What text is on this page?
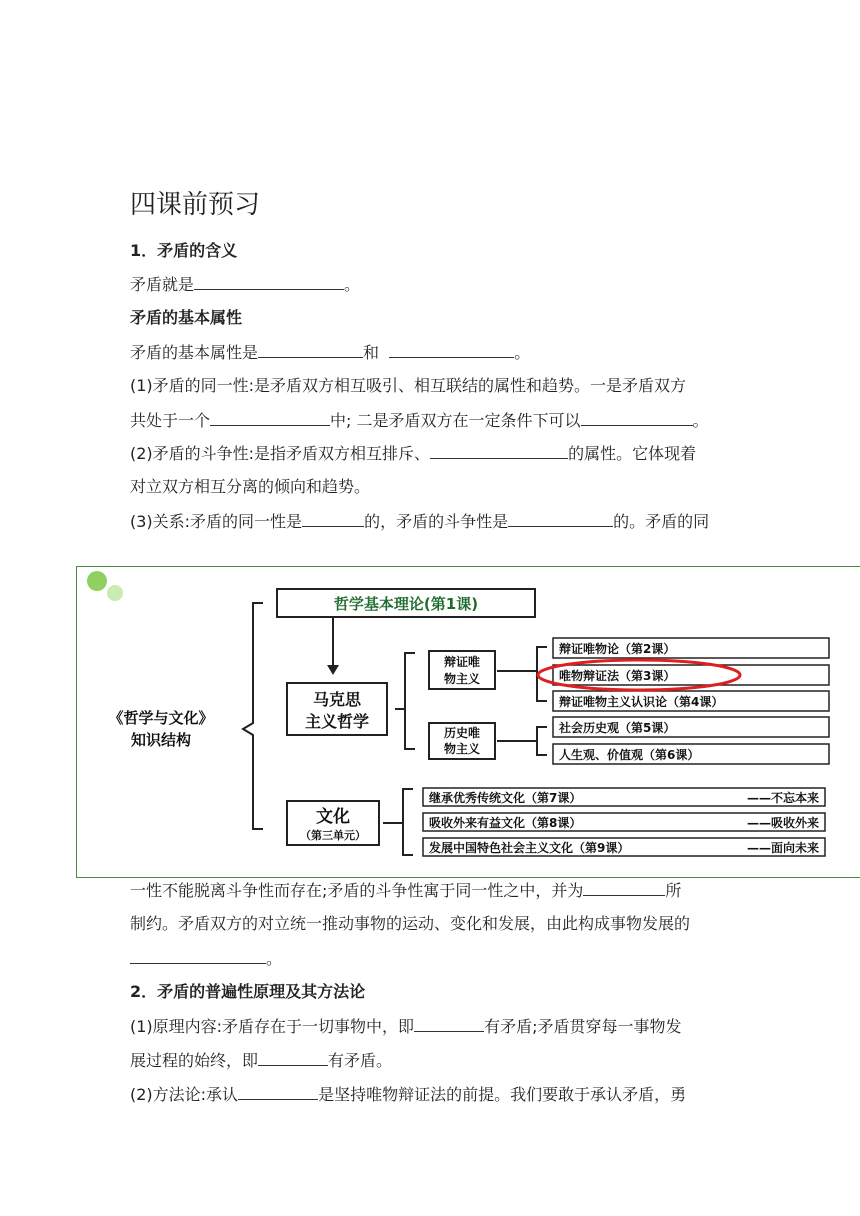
四课前预习
1．矛盾的含义
矛盾就是	。
矛盾的基本属性
矛盾的基本属性是	和	。
(1)矛盾的同一性:是矛盾双方相互吸引、相互联结的属性和趋势。一是矛盾双方
共处于一个	中; 二是矛盾双方在一定条件下可以	。
(2)矛盾的斗争性:是指矛盾双方相互排斥、	的属性。它体现着
对立双方相互分离的倾向和趋势。
(3)关系:矛盾的同一性是	的，矛盾的斗争性是	的。矛盾的同
《哲学与文化》
知识结构
哲学基本理论(第1课)
马克思
主义哲学
辩证唯
物主义
历史唯
物主义
辩证唯物论（第2课）
唯物辩证法（第3课）
辩证唯物主义认识论（第4课）
社会历史观（第5课）
人生观、价值观（第6课）
文化
（第三单元）
继承优秀传统文化（第7课）	——不忘本来
吸收外来有益文化（第8课）	——吸收外来
发展中国特色社会主义文化（第9课）	——面向未来
一性不能脱离斗争性而存在;矛盾的斗争性寓于同一性之中，并为	所
制约。矛盾双方的对立统一推动事物的运动、变化和发展，由此构成事物发展的
。
2．矛盾的普遍性原理及其方法论
(1)原理内容:矛盾存在于一切事物中，即	有矛盾;矛盾贯穿每一事物发
展过程的始终，即	有矛盾。
(2)方法论:承认	是坚持唯物辩证法的前提。我们要敢于承认矛盾，勇
